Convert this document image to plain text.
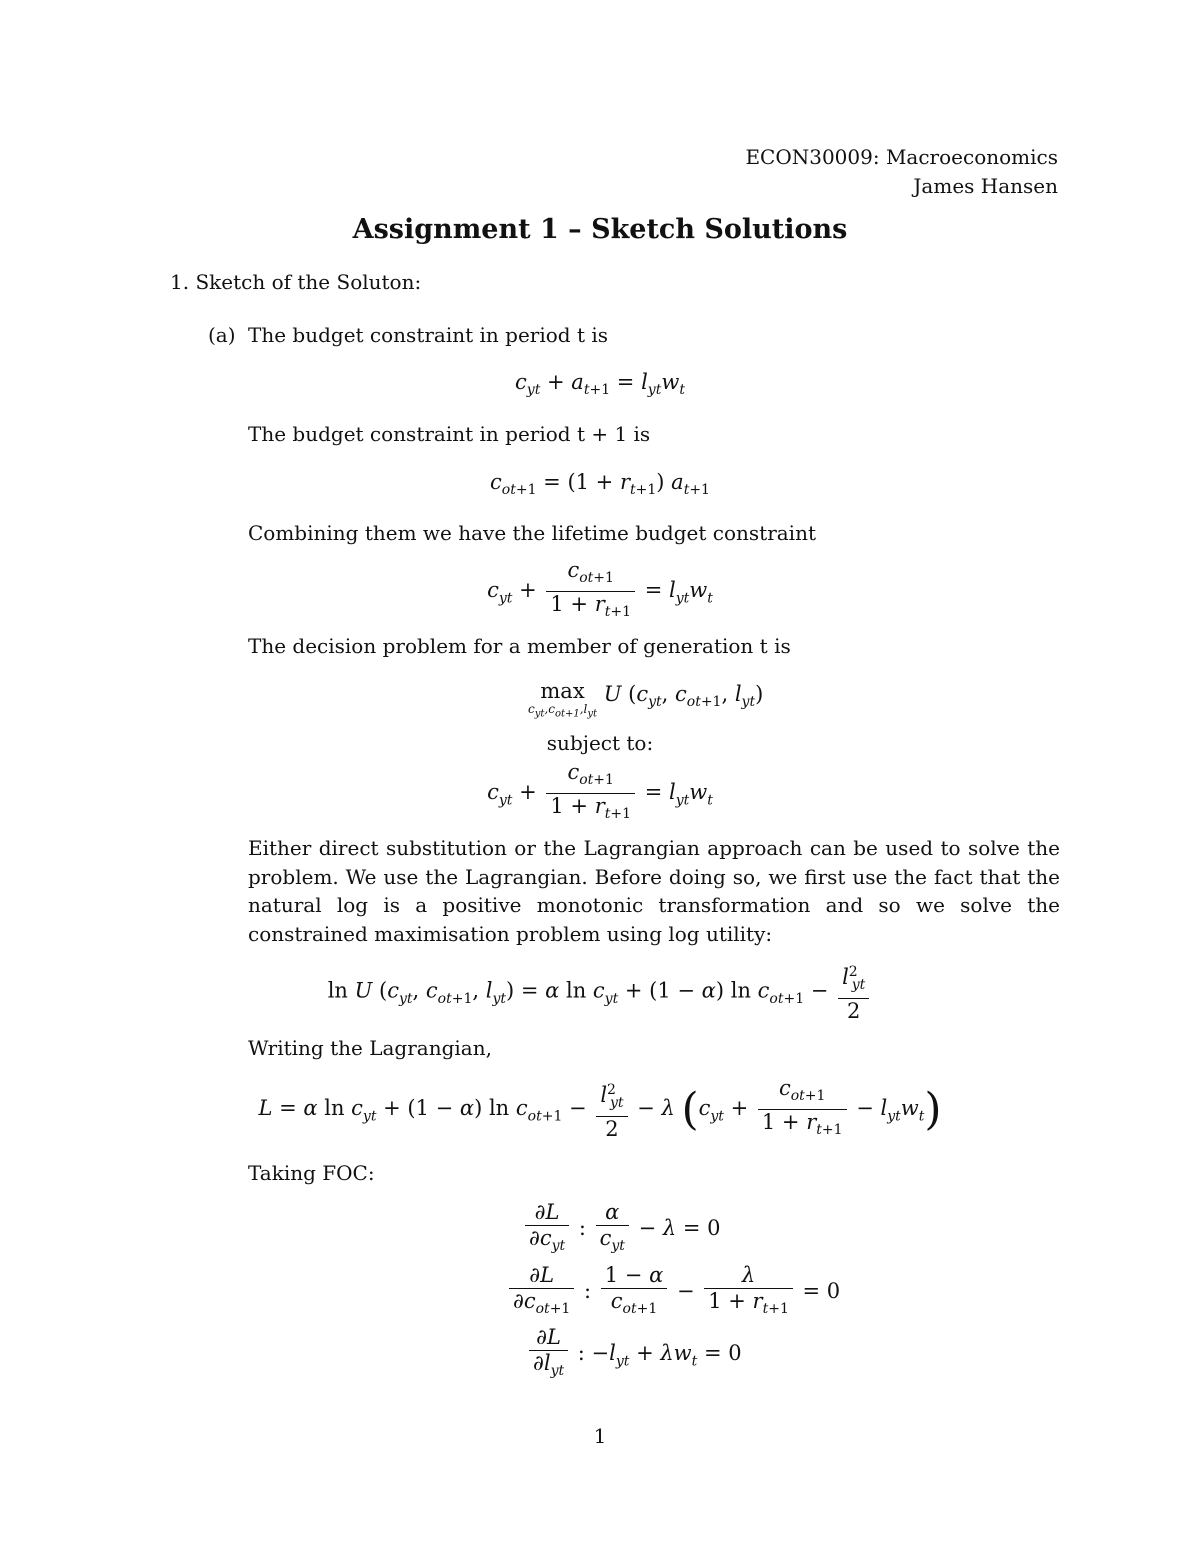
ECON30009: Macroeconomics
James Hansen
Assignment 1 – Sketch Solutions
1. Sketch of the Soluton:
(a) The budget constraint in period t is
$c_{yt} + a_{t+1} = l_{yt}w_t$
The budget constraint in period t + 1 is
$c_{ot+1} = (1 + r_{t+1})$ $a_{t+1}$
Combining them we have the lifetime budget constraint
$c_{yt} + \frac{c_{ot+1}}{1 + r_{t+1}} = l_{yt}w_t$
The decision problem for a member of generation t is
max
$c_{yt},c_{ot+1},l_{yt}$
U ($c_{yt}$, $c_{ot+1}$, $l_{yt}$)
subject to:
$c_{yt} + \frac{c_{ot+1}}{1 + r_{t+1}} = l_{yt}w_t$
Either direct substitution or the Lagrangian approach can be used to solve the problem. We use the Lagrangian. Before doing so, we first use the fact that the natural log is a positive monotonic transformation and so we solve the constrained maximisation problem using log utility:
ln U ($c_{yt}$, $c_{ot+1}$, $l_{yt}) = \alpha$ $\ln c_{yt} + (1 - \alpha)$ $\ln c_{ot+1} - \frac{l^2_{yt}}{2}$
Writing the Lagrangian,
L = α $\ln c_{yt} + (1 - \alpha)$ $\ln c_{ot+1} - \frac{l^2_{yt}}{2} - \lambda$ $(c_{yt} + \frac{c_{ot+1}}{1 + r_{t+1}} - l_{yt}w_t)$
Taking FOC:
$\frac{\partial L}{\partial c_{yt}}$ : $\frac{\alpha}{c_{yt}} - \lambda = 0$
$\frac{\partial L}{\partial c_{ot+1}}$ : $\frac{1 - \alpha}{c_{ot+1}} - \frac{\lambda}{1 + r_{t+1}} = 0$
$\frac{\partial L}{\partial l_{yt}}$ : $-l_{yt} + \lambda w_t = 0$
1
